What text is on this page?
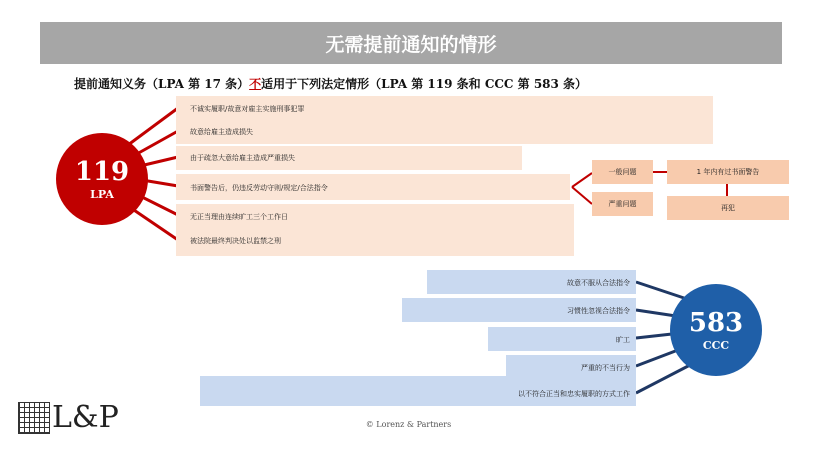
无需提前通知的情形
提前通知义务（LPA 第 17 条）不适用于下列法定情形（LPA 第 119 条和 CCC 第 583 条）
不诚实履职/故意对雇主实施刑事犯罪
故意给雇主造成损失
由于疏忽大意给雇主造成严重损失
书面警告后，仍违反劳动守则/规定/合法指令
无正当理由连续旷工三个工作日
被法院最终判决处以监禁之刑
119
LPA
一般问题
严重问题
1 年内有过书面警告
再犯
故意不服从合法指令
习惯性忽视合法指令
旷工
严重的不当行为
以不符合正当和忠实履职的方式工作
583
CCC
L&P	© Lorenz & Partners
